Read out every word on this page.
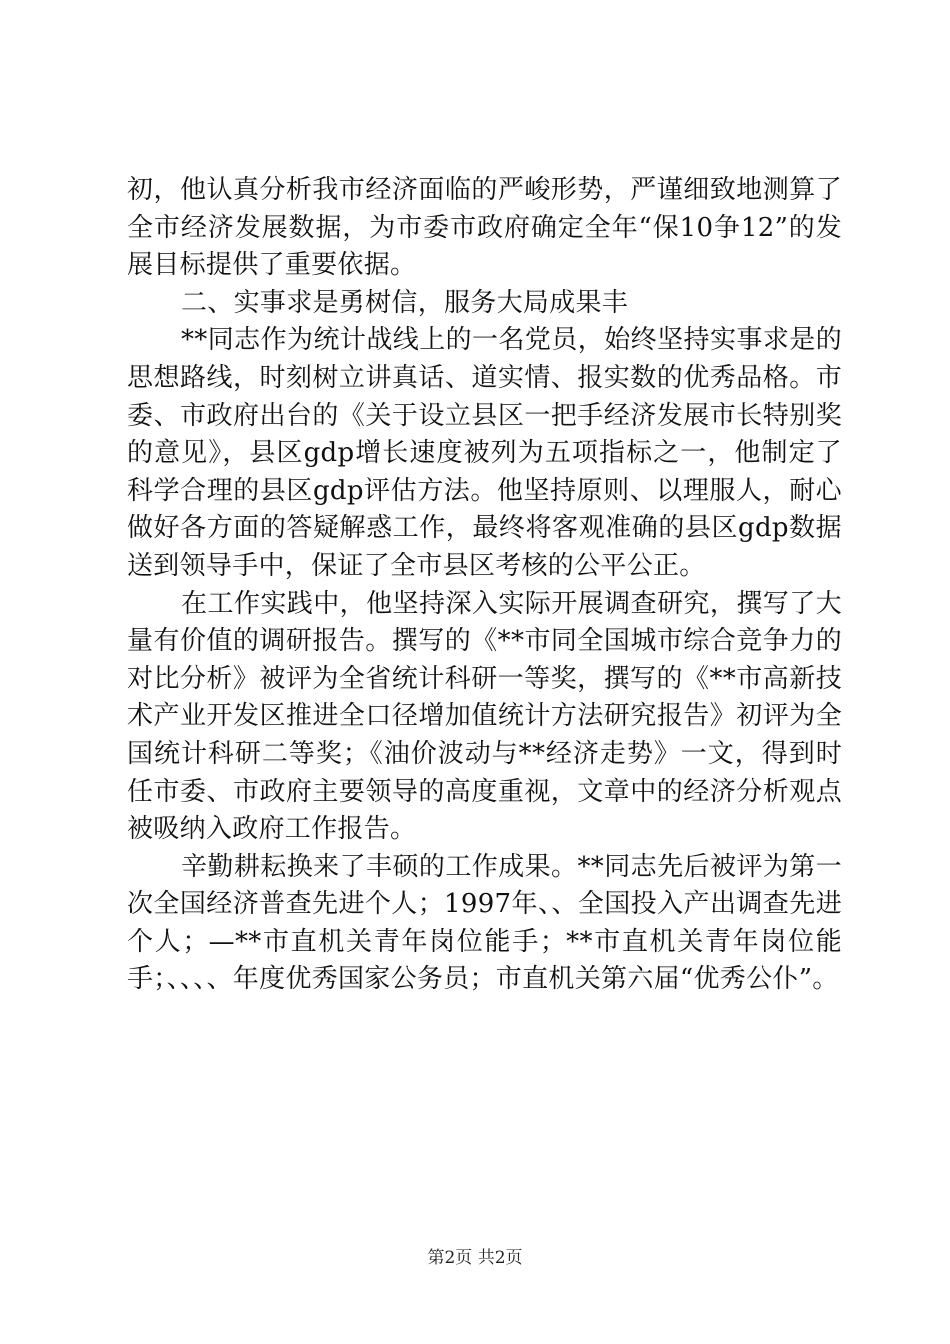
初，他认真分析我市经济面临的严峻形势，严谨细致地测算了全市经济发展数据，为市委市政府确定全年“保10争12”的发展目标提供了重要依据。

二、实事求是勇树信，服务大局成果丰

**同志作为统计战线上的一名党员，始终坚持实事求是的思想路线，时刻树立讲真话、道实情、报实数的优秀品格。市委、市政府出台的《关于设立县区一把手经济发展市长特别奖的意见》，县区gdp增长速度被列为五项指标之一，他制定了科学合理的县区gdp评估方法。他坚持原则、以理服人，耐心做好各方面的答疑解惑工作，最终将客观准确的县区gdp数据送到领导手中，保证了全市县区考核的公平公正。

在工作实践中，他坚持深入实际开展调查研究，撰写了大量有价值的调研报告。撰写的《**市同全国城市综合竞争力的对比分析》被评为全省统计科研一等奖，撰写的《**市高新技术产业开发区推进全口径增加值统计方法研究报告》初评为全国统计科研二等奖；《油价波动与**经济走势》一文，得到时任市委、市政府主要领导的高度重视，文章中的经济分析观点被吸纳入政府工作报告。

辛勤耕耘换来了丰硕的工作成果。**同志先后被评为第一次全国经济普查先进个人；1997年、、全国投入产出调查先进个人；—**市直机关青年岗位能手；**市直机关青年岗位能手；、、、、年度优秀国家公务员；市直机关第六届“优秀公仆”。

第2页 共2页
